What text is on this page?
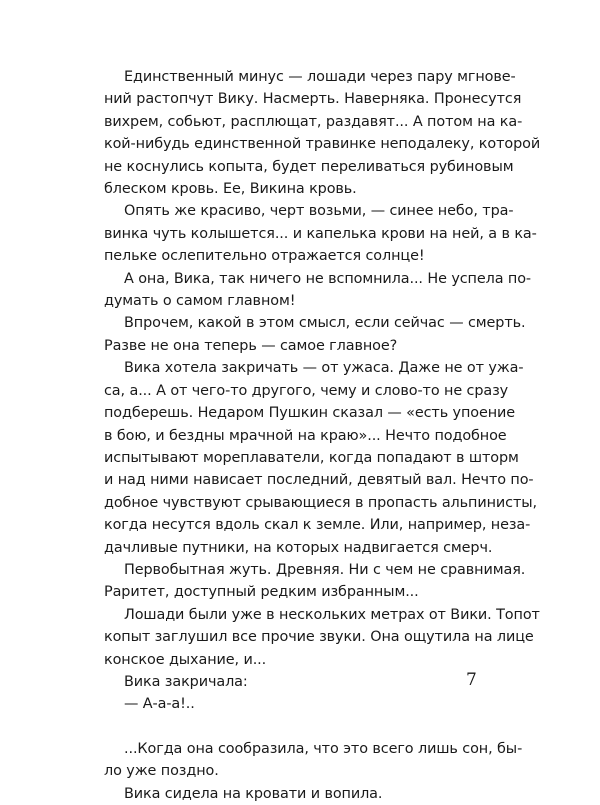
Единственный минус — лошади через пару мгнове-
ний растопчут Вику. Насмерть. Наверняка. Пронесутся
вихрем, собьют, расплющат, раздавят... А потом на ка-
кой-нибудь единственной травинке неподалеку, которой
не коснулись копыта, будет переливаться рубиновым
блеском кровь. Ее, Викина кровь.
Опять же красиво, черт возьми, — синее небо, тра-
винка чуть колышется... и капелька крови на ней, а в ка-
пельке ослепительно отражается солнце!
А она, Вика, так ничего не вспомнила... Не успела по-
думать о самом главном!
Впрочем, какой в этом смысл, если сейчас — смерть.
Разве не она теперь — самое главное?
Вика хотела закричать — от ужаса. Даже не от ужа-
са, а... А от чего-то другого, чему и слово-то не сразу
подберешь. Недаром Пушкин сказал — «есть упоение
в бою, и бездны мрачной на краю»... Нечто подобное
испытывают мореплаватели, когда попадают в шторм
и над ними нависает последний, девятый вал. Нечто по-
добное чувствуют срывающиеся в пропасть альпинисты,
когда несутся вдоль скал к земле. Или, например, неза-
дачливые путники, на которых надвигается смерч.
Первобытная жуть. Древняя. Ни с чем не сравнимая.
Раритет, доступный редким избранным...
Лошади были уже в нескольких метрах от Вики. Топот
копыт заглушил все прочие звуки. Она ощутила на лице
конское дыхание, и...
Вика закричала:
— А-а-а!..
...Когда она сообразила, что это всего лишь сон, бы-
ло уже поздно.
Вика сидела на кровати и вопила.
7
